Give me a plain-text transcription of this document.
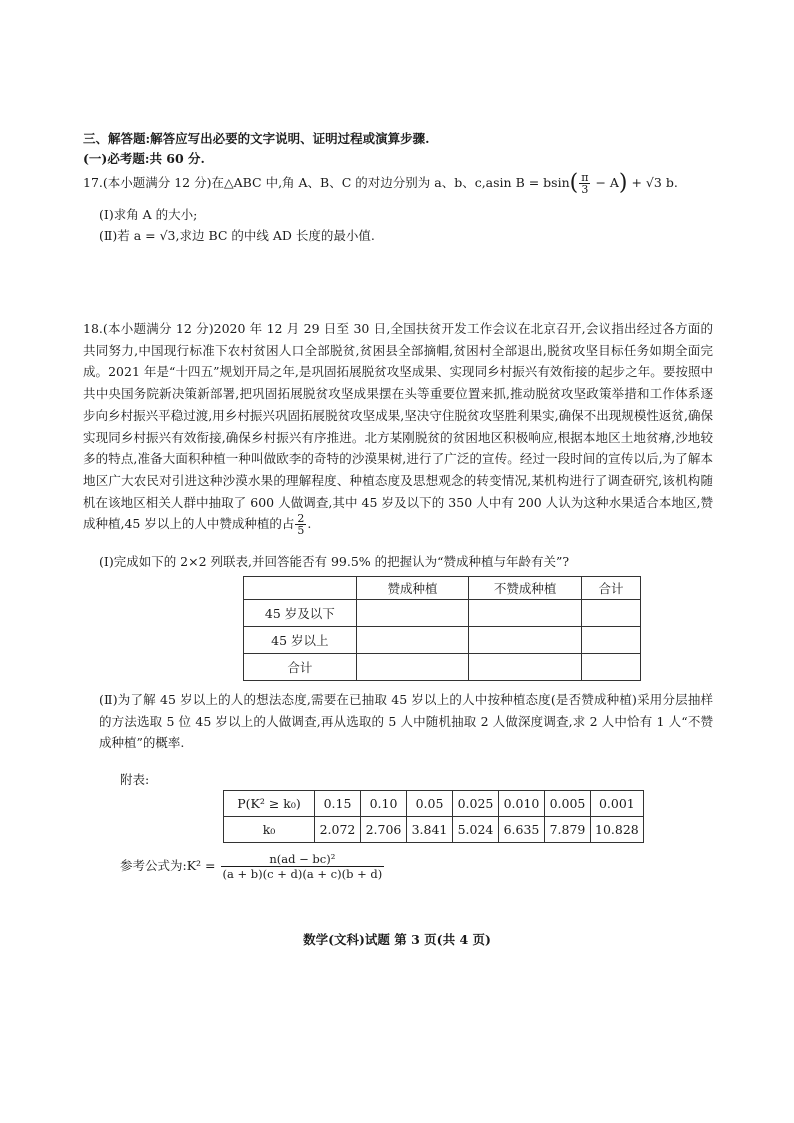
三、解答题:解答应写出必要的文字说明、证明过程或演算步骤.
(一)必考题:共 60 分.
17.(本小题满分 12 分)在△ABC 中,角 A、B、C 的对边分别为 a、b、c,asin $B = bsin( \frac{\pi}{3} - A) + √3$ b.
(Ⅰ)求角 A 的大小;
(Ⅱ)若 a = √3,求边 BC 的中线 AD 长度的最小值.
18.(本小题满分 12 分)2020 年 12 月 29 日至 30 日,全国扶贫开发工作会议在北京召开,会议指出经过各方面的共同努力,中国现行标准下农村贫困人口全部脱贫,贫困县全部摘帽,贫困村全部退出,脱贫攻坚目标任务如期全面完成。2021 年是“十四五”规划开局之年,是巩固拓展脱贫攻坚成果、实现同乡村振兴有效衔接的起步之年。要按照中共中央国务院新决策新部署,把巩固拓展脱贫攻坚成果摆在头等重要位置来抓,推动脱贫攻坚政策举措和工作体系逐步向乡村振兴平稳过渡,用乡村振兴巩固拓展脱贫攻坚成果,坚决守住脱贫攻坚胜利果实,确保不出现规模性返贫,确保实现同乡村振兴有效衔接,确保乡村振兴有序推进。北方某刚脱贫的贫困地区积极响应,根据本地区土地贫瘠,沙地较多的特点,准备大面积种植一种叫做欧李的奇特的沙漠果树,进行了广泛的宣传。经过一段时间的宣传以后,为了解本地区广大农民对引进这种沙漠水果的理解程度、种植态度及思想观念的转变情况,某机构进行了调查研究,该机构随机在该地区相关人群中抽取了 600 人做调查,其中 45 岁及以下的 350 人中有 200 人认为这种水果适合本地区,赞成种植,45 岁以上的人中赞成种植的占 $\frac{2}{5}$ .
(Ⅰ)完成如下的 2×2 列联表,并回答能否有 99.5% 的把握认为“赞成种植与年龄有关”?
	赞成种植	不赞成种植	合计
45 岁及以下			
45 岁以上			
合计			
(Ⅱ)为了解 45 岁以上的人的想法态度,需要在已抽取 45 岁以上的人中按种植态度(是否赞成种植)采用分层抽样的方法选取 5 位 45 岁以上的人做调查,再从选取的 5 人中随机抽取 2 人做深度调查,求 2 人中恰有 1 人“不赞成种植”的概率.
附表:
P(K² ≥ k₀)	0.15	0.10	0.05	0.025	0.010	0.005	0.001
k₀	2.072	2.706	3.841	5.024	6.635	7.879	10.828
参考公式为:K² = $\frac{\text{n(ad − bc)²}}{(a + b)(c + d)(a + c)(b + d)}$
数学(文科)试题 第 3 页(共 4 页)
